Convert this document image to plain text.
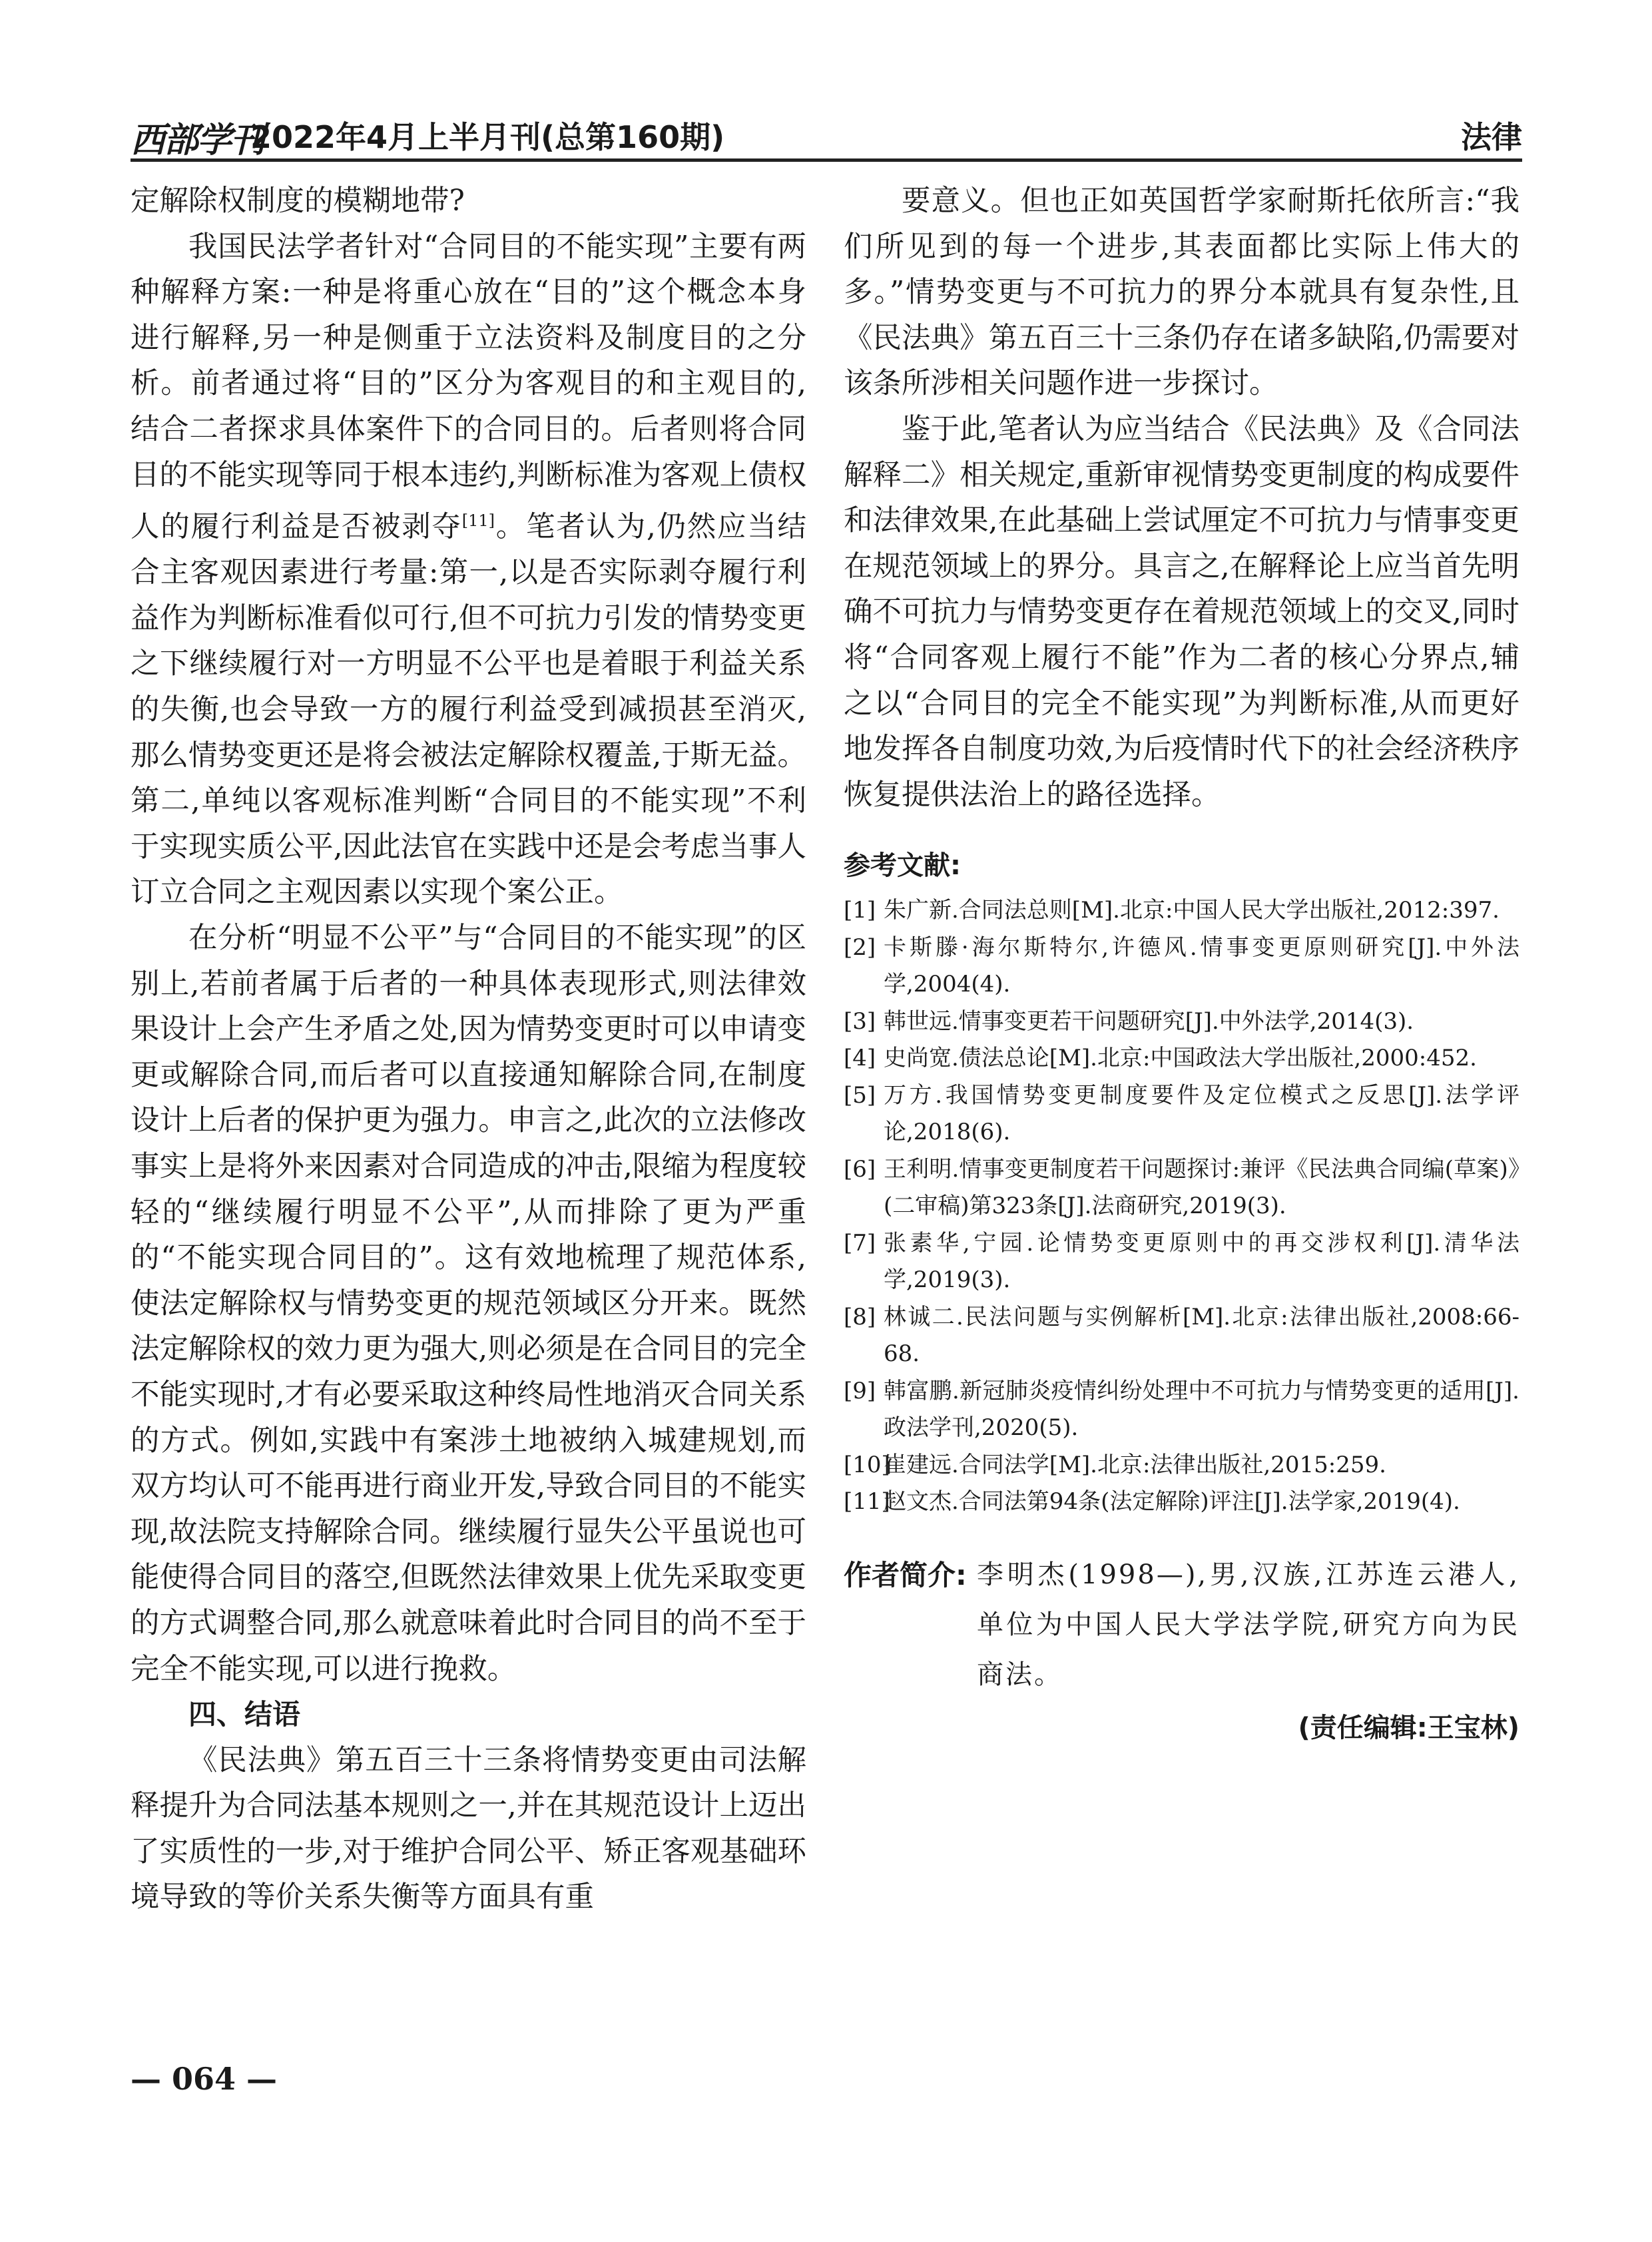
西部学刊
2022年4月上半月刊(总第160期)	法律

定解除权制度的模糊地带?

我国民法学者针对“合同目的不能实现”主要有两种解释方案:一种是将重心放在“目的”这个概念本身进行解释,另一种是侧重于立法资料及制度目的之分析。前者通过将“目的”区分为客观目的和主观目的,结合二者探求具体案件下的合同目的。后者则将合同目的不能实现等同于根本违约,判断标准为客观上债权人的履行利益是否被剥夺[11]。笔者认为,仍然应当结合主客观因素进行考量:第一,以是否实际剥夺履行利益作为判断标准看似可行,但不可抗力引发的情势变更之下继续履行对一方明显不公平也是着眼于利益关系的失衡,也会导致一方的履行利益受到减损甚至消灭,那么情势变更还是将会被法定解除权覆盖,于斯无益。第二,单纯以客观标准判断“合同目的不能实现”不利于实现实质公平,因此法官在实践中还是会考虑当事人订立合同之主观因素以实现个案公正。

在分析“明显不公平”与“合同目的不能实现”的区别上,若前者属于后者的一种具体表现形式,则法律效果设计上会产生矛盾之处,因为情势变更时可以申请变更或解除合同,而后者可以直接通知解除合同,在制度设计上后者的保护更为强力。申言之,此次的立法修改事实上是将外来因素对合同造成的冲击,限缩为程度较轻的“继续履行明显不公平”,从而排除了更为严重的“不能实现合同目的”。这有效地梳理了规范体系,使法定解除权与情势变更的规范领域区分开来。既然法定解除权的效力更为强大,则必须是在合同目的完全不能实现时,才有必要采取这种终局性地消灭合同关系的方式。例如,实践中有案涉土地被纳入城建规划,而双方均认可不能再进行商业开发,导致合同目的不能实现,故法院支持解除合同。继续履行显失公平虽说也可能使得合同目的落空,但既然法律效果上优先采取变更的方式调整合同,那么就意味着此时合同目的尚不至于完全不能实现,可以进行挽救。

四、结语

《民法典》第五百三十三条将情势变更由司法解释提升为合同法基本规则之一,并在其规范设计上迈出了实质性的一步,对于维护合同公平、矫正客观基础环境导致的等价关系失衡等方面具有重

要意义。但也正如英国哲学家耐斯托依所言:“我们所见到的每一个进步,其表面都比实际上伟大的多。”情势变更与不可抗力的界分本就具有复杂性,且《民法典》第五百三十三条仍存在诸多缺陷,仍需要对该条所涉相关问题作进一步探讨。

鉴于此,笔者认为应当结合《民法典》及《合同法解释二》相关规定,重新审视情势变更制度的构成要件和法律效果,在此基础上尝试厘定不可抗力与情事变更在规范领域上的界分。具言之,在解释论上应当首先明确不可抗力与情势变更存在着规范领域上的交叉,同时将“合同客观上履行不能”作为二者的核心分界点,辅之以“合同目的完全不能实现”为判断标准,从而更好地发挥各自制度功效,为后疫情时代下的社会经济秩序恢复提供法治上的路径选择。

参考文献:
[1] 朱广新.合同法总则[M].北京:中国人民大学出版社,2012:397.
[2] 卡斯滕·海尔斯特尔,许德风.情事变更原则研究[J].中外法学,2004(4).
[3] 韩世远.情事变更若干问题研究[J].中外法学,2014(3).
[4] 史尚宽.债法总论[M].北京:中国政法大学出版社,2000:452.
[5] 万方.我国情势变更制度要件及定位模式之反思[J].法学评论,2018(6).
[6] 王利明.情事变更制度若干问题探讨:兼评《民法典合同编(草案)》(二审稿)第323条[J].法商研究,2019(3).
[7] 张素华,宁园.论情势变更原则中的再交涉权利[J].清华法学,2019(3).
[8] 林诚二.民法问题与实例解析[M].北京:法律出版社,2008:66-68.
[9] 韩富鹏.新冠肺炎疫情纠纷处理中不可抗力与情势变更的适用[J].政法学刊,2020(5).
[10]
崔建远.合同法学[M].北京:法律出版社,2015:259.
[11]
赵文杰.合同法第94条(法定解除)评注[J].法学家,2019(4).
作者简介: 李明杰(1998—),男,汉族,江苏连云港人,单位为中国人民大学法学院,研究方向为民商法。
(责任编辑:王宝林)
— 064 —
